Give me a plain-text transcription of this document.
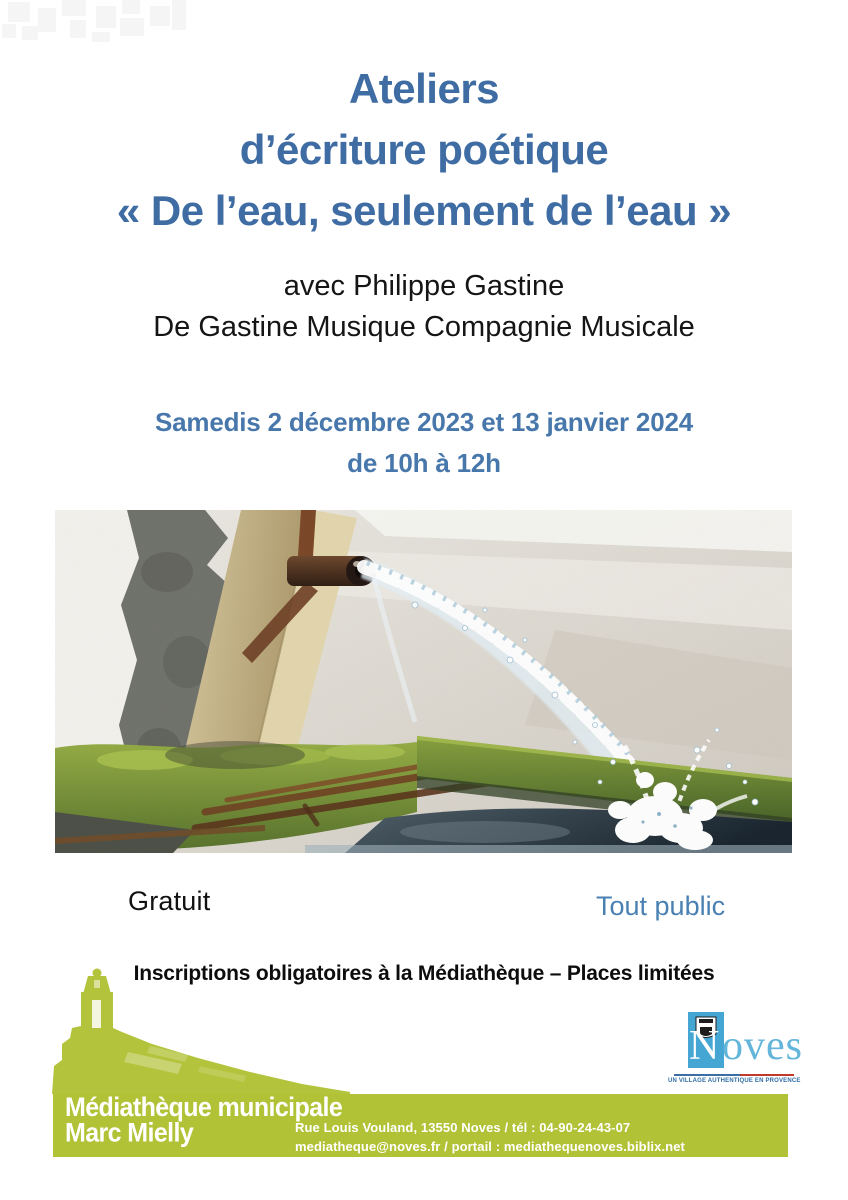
Ateliers
d’écriture poétique
« De l’eau, seulement de l’eau »
avec Philippe Gastine
De Gastine Musique Compagnie Musicale
Samedis 2 décembre 2023 et 13 janvier 2024
de 10h à 12h
Gratuit	Tout public
Inscriptions obligatoires à la Médiathèque – Places limitées
Médiathèque municipale
Marc Mielly	Rue Louis Vouland, 13550 Noves / tél : 04-90-24-43-07
mediatheque@noves.fr / portail : mediathequenoves.biblix.net
N oves
UN VILLAGE AUTHENTIQUE EN PROVENCE
